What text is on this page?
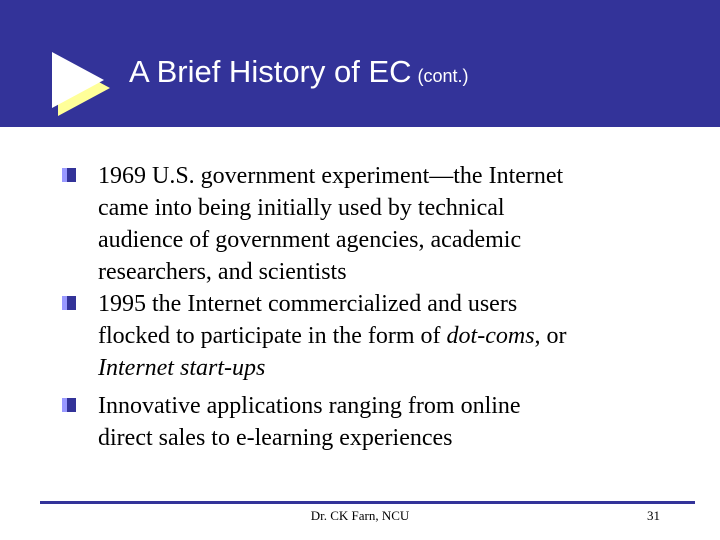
A Brief History of EC (cont.)
1969 U.S. government experiment—the Internet
came into being initially used by technical
audience of government agencies, academic
researchers, and scientists
1995 the Internet commercialized and users
flocked to participate in the form of dot-coms, or
Internet start-ups
Innovative applications ranging from online
direct sales to e-learning experiences
Dr. CK Farn, NCU	31
